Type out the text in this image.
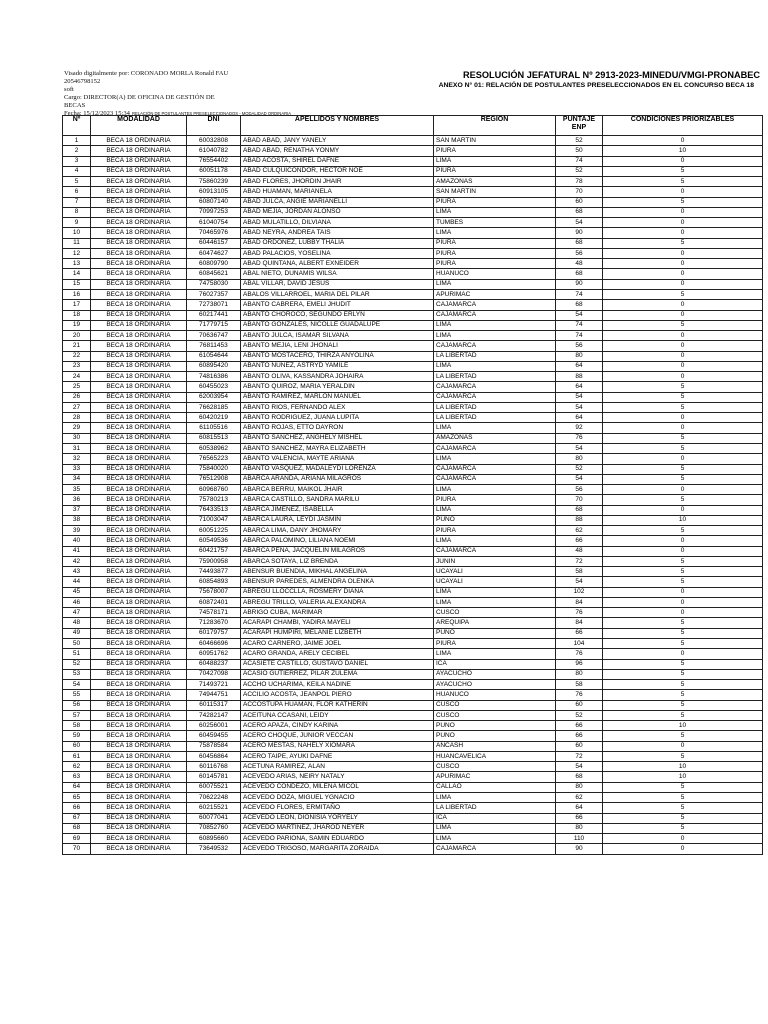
Visado digitalmente por: CORONADO MORLA Ronald FAU
20546798152
soft
Cargo: DIRECTOR(A) DE OFICINA DE GESTIÓN DE
BECAS
Fecha: 15/12/2023 15:34 RELACIÓN DE POSTULANTES PRESELECCIONADOS - MODALIDAD ORDINARIA
RESOLUCIÓN JEFATURAL Nº 2913-2023-MINEDU/VMGI-PRONABEC
ANEXO N° 01: RELACIÓN DE POSTULANTES PRESELECCIONADOS EN EL CONCURSO BECA 18
Nº	MODALIDAD	DNI	APELLIDOS Y NOMBRES	REGIÓN	PUNTAJE ENP	CONDICIONES PRIORIZABLES
1	BECA 18 ORDINARIA	60032808	ABAD ABAD, JANY YANELY	SAN MARTIN	52	0
2	BECA 18 ORDINARIA	61040782	ABAD ABAD, RENATHA YONMY	PIURA	50	10
3	BECA 18 ORDINARIA	76554402	ABAD ACOSTA, SHIREL DAFNE	LIMA	74	0
4	BECA 18 ORDINARIA	60051178	ABAD CULQUICONDOR, HECTOR NOE	PIURA	52	5
5	BECA 18 ORDINARIA	75860239	ABAD FLORES, JHORDIN JHAIR	AMAZONAS	78	5
6	BECA 18 ORDINARIA	60913105	ABAD HUAMAN, MARIANELA	SAN MARTIN	70	0
7	BECA 18 ORDINARIA	60807140	ABAD JULCA, ANGIE MARIANELLI	PIURA	60	5
8	BECA 18 ORDINARIA	70997253	ABAD MEJIA, JORDAN ALONSO	LIMA	68	0
9	BECA 18 ORDINARIA	61040754	ABAD MULATILLO, DILVIANA	TUMBES	54	0
10	BECA 18 ORDINARIA	70465976	ABAD NEYRA, ANDREA TAIS	LIMA	90	0
11	BECA 18 ORDINARIA	60446157	ABAD ORDOÑEZ, LUBBY THALIA	PIURA	68	5
12	BECA 18 ORDINARIA	60474627	ABAD PALACIOS, YOSELINA	PIURA	56	0
13	BECA 18 ORDINARIA	60809790	ABAD QUINTANA, ALBERT EXNEIDER	PIURA	48	0
14	BECA 18 ORDINARIA	60845621	ABAL NIETO, DUNAMIS WILSA	HUANUCO	68	0
15	BECA 18 ORDINARIA	74758030	ABAL VILLAR, DAVID JESUS	LIMA	90	0
16	BECA 18 ORDINARIA	76027357	ABALOS VILLARROEL, MARIA DEL PILAR	APURIMAC	74	5
17	BECA 18 ORDINARIA	72738071	ABANTO CABRERA, EMELI JHUDIT	CAJAMARCA	68	0
18	BECA 18 ORDINARIA	60217441	ABANTO CHOROCO, SEGUNDO ERLYN	CAJAMARCA	54	0
19	BECA 18 ORDINARIA	71779715	ABANTO GONZALES, NICOLLE GUADALUPE	LIMA	74	5
20	BECA 18 ORDINARIA	70636747	ABANTO JULCA, ISAMAR SILVANA	LIMA	74	0
21	BECA 18 ORDINARIA	76811453	ABANTO MEJIA, LENI JHONALI	CAJAMARCA	56	0
22	BECA 18 ORDINARIA	61054644	ABANTO MOSTACERO, THIRZA ANYOLINA	LA LIBERTAD	80	0
23	BECA 18 ORDINARIA	60895420	ABANTO NUÑEZ, ASTRYD YAMILE	LIMA	64	0
24	BECA 18 ORDINARIA	74816386	ABANTO OLIVA, KASSANDRA JOHAIRA	LA LIBERTAD	88	0
25	BECA 18 ORDINARIA	60455023	ABANTO QUIROZ, MARIA YERALDIN	CAJAMARCA	64	5
26	BECA 18 ORDINARIA	62003954	ABANTO RAMIREZ, MARLON MANUEL	CAJAMARCA	54	5
27	BECA 18 ORDINARIA	76628185	ABANTO RIOS, FERNANDO ALEX	LA LIBERTAD	54	5
28	BECA 18 ORDINARIA	60420219	ABANTO RODRIGUEZ, JUANA LUPITA	LA LIBERTAD	64	0
29	BECA 18 ORDINARIA	61105516	ABANTO ROJAS, ETTO DAYRON	LIMA	92	0
30	BECA 18 ORDINARIA	60815513	ABANTO SANCHEZ, ANGHELY MISHEL	AMAZONAS	76	5
31	BECA 18 ORDINARIA	60538962	ABANTO SANCHEZ, MAYRA ELIZABETH	CAJAMARCA	54	5
32	BECA 18 ORDINARIA	76565223	ABANTO VALENCIA, MAYTE ARIANA	LIMA	80	0
33	BECA 18 ORDINARIA	75840020	ABANTO VASQUEZ, MADALEYDI LORENZA	CAJAMARCA	52	5
34	BECA 18 ORDINARIA	76512908	ABARCA ARANDA, ARIANA MILAGROS	CAJAMARCA	54	5
35	BECA 18 ORDINARIA	60968760	ABARCA BERRU, MAIKOL JHAIR	LIMA	56	0
36	BECA 18 ORDINARIA	75780213	ABARCA CASTILLO, SANDRA MARILU	PIURA	70	5
37	BECA 18 ORDINARIA	76433513	ABARCA JIMENEZ, ISABELLA	LIMA	68	0
38	BECA 18 ORDINARIA	71003047	ABARCA LAURA, LEYDI JASMIN	PUNO	88	10
39	BECA 18 ORDINARIA	60051225	ABARCA LIMA, DANY JHOMARY	PIURA	62	5
40	BECA 18 ORDINARIA	60549536	ABARCA PALOMINO, LILIANA NOEMI	LIMA	66	0
41	BECA 18 ORDINARIA	60421757	ABARCA PEÑA, JACQUELIN MILAGROS	CAJAMARCA	48	0
42	BECA 18 ORDINARIA	75900958	ABARCA SOTAYA, LIZ BRENDA	JUNIN	72	5
43	BECA 18 ORDINARIA	74493877	ABENSUR BUENDIA, MIKHAL ANGELINA	UCAYALI	58	5
44	BECA 18 ORDINARIA	60854893	ABENSUR PAREDES, ALMENDRA OLENKA	UCAYALI	54	5
45	BECA 18 ORDINARIA	75678007	ABREGU LLOCCLLA, ROSMERY DIANA	LIMA	102	0
46	BECA 18 ORDINARIA	60872401	ABREGU TRILLO, VALERIA ALEXANDRA	LIMA	84	0
47	BECA 18 ORDINARIA	74578171	ABRIGO CUBA, MARIMAR	CUSCO	76	0
48	BECA 18 ORDINARIA	71283670	ACARAPI CHAMBI, YADIRA MAYELI	AREQUIPA	84	5
49	BECA 18 ORDINARIA	60179757	ACARAPI HUMPIRI, MELANIE LIZBETH	PUNO	66	5
50	BECA 18 ORDINARIA	60466696	ACARO CARNERO, JAIME JOEL	PIURA	104	5
51	BECA 18 ORDINARIA	60951762	ACARO GRANDA, ARELY CECIBEL	LIMA	76	0
52	BECA 18 ORDINARIA	60488237	ACASIETE CASTILLO, GUSTAVO DANIEL	ICA	96	5
53	BECA 18 ORDINARIA	70427098	ACASIO GUTIERREZ, PILAR ZULEMA	AYACUCHO	80	5
54	BECA 18 ORDINARIA	71493721	ACCHO UCHARIMA, KEILA NADINE	AYACUCHO	58	5
55	BECA 18 ORDINARIA	74944751	ACCILIO ACOSTA, JEANPOL PIERO	HUANUCO	76	5
56	BECA 18 ORDINARIA	60115317	ACCOSTUPA HUAMAN, FLOR KATHERIN	CUSCO	60	5
57	BECA 18 ORDINARIA	74282147	ACEITUNA CCASANI, LEIDY	CUSCO	52	5
58	BECA 18 ORDINARIA	60256001	ACERO APAZA, CINDY KARINA	PUNO	66	10
59	BECA 18 ORDINARIA	60459455	ACERO CHOQUE, JUNIOR VECCAN	PUNO	66	5
60	BECA 18 ORDINARIA	75878584	ACERO MESTAS, NAHELY XIOMARA	ANCASH	60	0
61	BECA 18 ORDINARIA	60456864	ACERO TAIPE, AYUKI DAFNE	HUANCAVELICA	72	5
62	BECA 18 ORDINARIA	60116768	ACETUNA RAMIREZ, ALAN	CUSCO	54	10
63	BECA 18 ORDINARIA	60145781	ACEVEDO ARIAS, NEIRY NATALY	APURIMAC	68	10
64	BECA 18 ORDINARIA	60075521	ACEVEDO CONDEZO, MILENA MICOL	CALLAO	80	5
65	BECA 18 ORDINARIA	70622248	ACEVEDO DOZA, MIGUEL YGNACIO	LIMA	62	5
66	BECA 18 ORDINARIA	60215521	ACEVEDO FLORES, ERMITAÑO	LA LIBERTAD	64	5
67	BECA 18 ORDINARIA	60077041	ACEVEDO LEON, DIONISIA YORYELY	ICA	66	5
68	BECA 18 ORDINARIA	70852760	ACEVEDO MARTINEZ, JHAROD NEYER	LIMA	80	5
69	BECA 18 ORDINARIA	60895660	ACEVEDO PARIONA, SAMIN EDUARDO	LIMA	110	0
70	BECA 18 ORDINARIA	73649532	ACEVEDO TRIGOSO, MARGARITA ZORAIDA	CAJAMARCA	90	0
